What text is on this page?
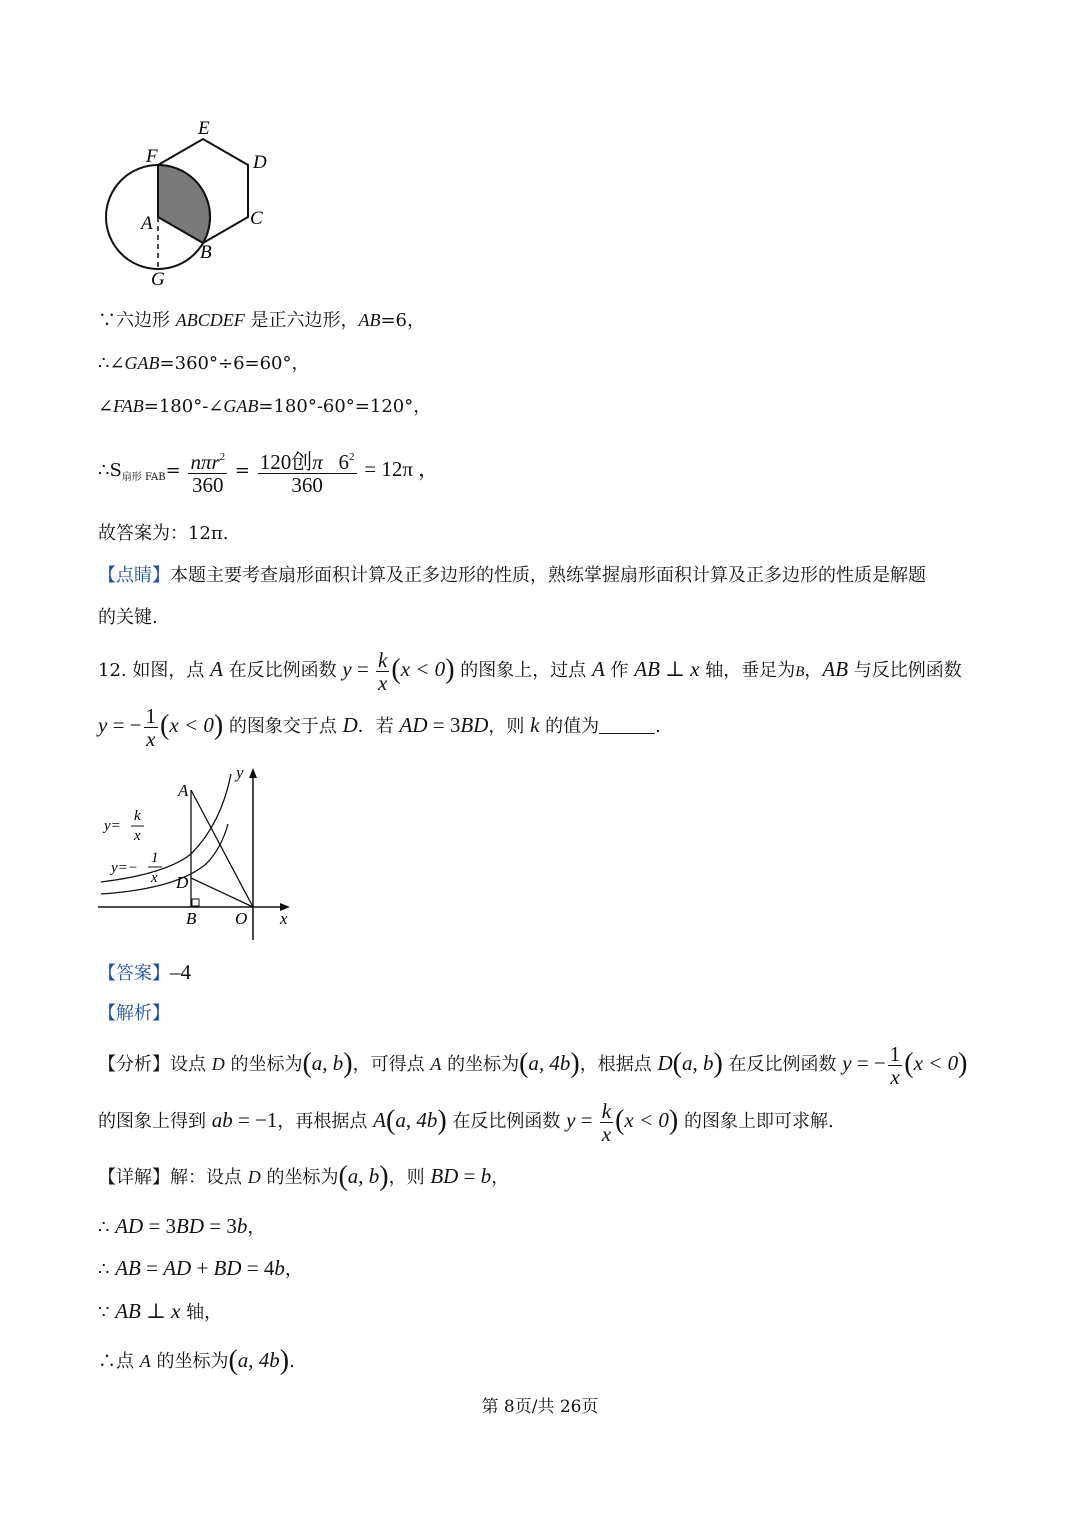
E
F	D
A	C
B
G
∵六边形 ABCDEF 是正六边形，AB=6，
∴∠GAB=360°÷6=60°，
∠FAB=180°-∠GAB=180°-60°=120°，
$\therefore S_{扇形 FAB}= \frac{n\pi r^2}{360} = \frac{120创\pi 6^2}{360} = 12\pi$ ，
故答案为：12π.
【点睛】本题主要考查扇形面积计算及正多边形的性质，熟练掌握扇形面积计算及正多边形的性质是解题
的关键.
12. 如图，点 A 在反比例函数 $y = \frac{k}{x} (x < 0)$ 的图象上，过点 A 作 AB ⊥ x 轴，垂足为B，AB 与反比例函数
y = − $\frac{1}{x} (x < 0)$ 的图象交于点 D．若 AD = 3BD，则 k 的值为	.
y
A
D
B O x
y=
k
x
y=−
1
x
【答案】–4
【解析】
【分析】设点 D 的坐标为(a, b)，可得点 A 的坐标为(a, 4b)，根据点 D(a, b) 在反比例函数 y = − $\frac{1}{x} (x < 0)$
的图象上得到 ab = −1，再根据点 A(a, 4b) 在反比例函数 $y = \frac{k}{x} (x < 0)$ 的图象上即可求解.
【详解】解：设点 D 的坐标为(a, b)，则 BD = b，
∴ AD = 3BD = 3b，
∴ AB = AD + BD = 4b，
∵ AB ⊥ x 轴，
∴点 A 的坐标为(a, 4b).
第 8页/共 26页
